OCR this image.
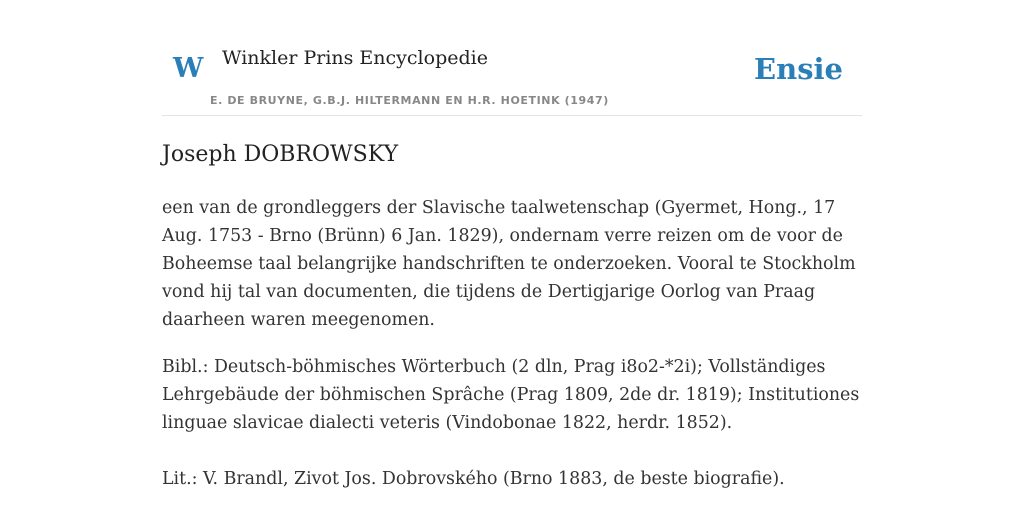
W Winkler Prins Encyclopedie
E. DE BRUYNE, G.B.J. HILTERMANN EN H.R. HOETINK (1947)
Ensie
Joseph DOBROWSKY

een van de grondleggers der Slavische taalwetenschap (Gyermet, Hong., 17 Aug. 1753 - Brno (Brünn) 6 Jan. 1829), ondernam verre reizen om de voor de Boheemse taal belangrijke handschriften te onderzoeken. Vooral te Stockholm vond hij tal van documenten, die tijdens de Dertigjarige Oorlog van Praag daarheen waren meegenomen.

Bibl.: Deutsch-böhmisches Wörterbuch (2 dln, Prag i8o2-*2i); Vollständiges Lehrgebäude der böhmischen Sprâche (Prag 1809, 2de dr. 1819); Institutiones linguae slavicae dialecti veteris (Vindobonae 1822, herdr. 1852).

Lit.: V. Brandl, Zivot Jos. Dobrovského (Brno 1883, de beste biografie).
